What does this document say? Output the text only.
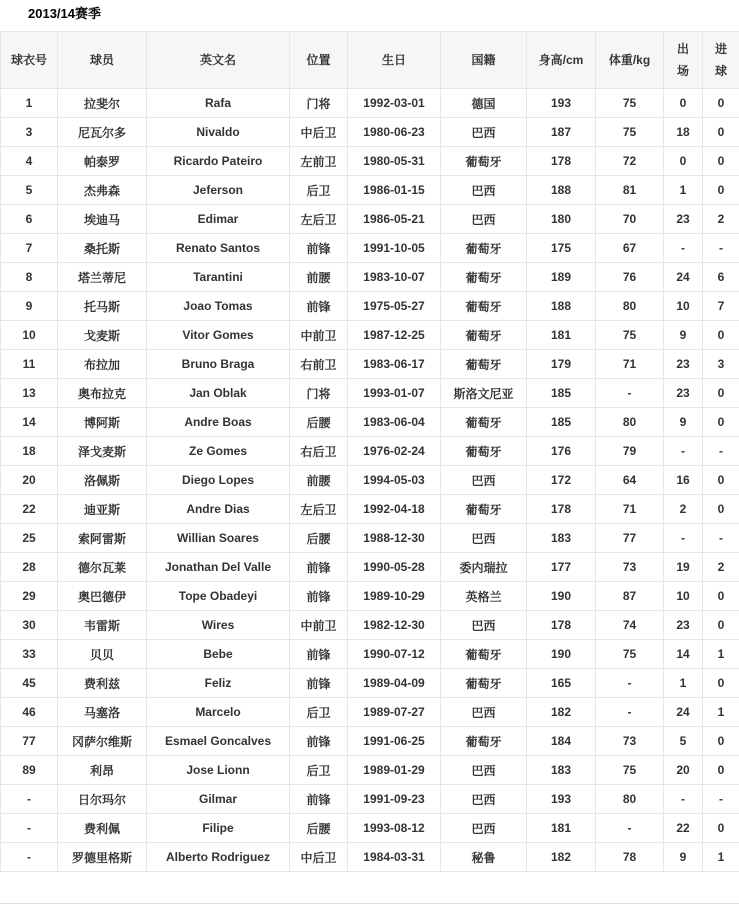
2013/14赛季
球衣号	球员	英文名	位置	生日	国籍	身高/cm	体重/kg	出场	进球
1	拉斐尔	Rafa	门将	1992-03-01	德国	193	75	0	0
3	尼瓦尔多	Nivaldo	中后卫	1980-06-23	巴西	187	75	18	0
4	帕泰罗	Ricardo Pateiro	左前卫	1980-05-31	葡萄牙	178	72	0	0
5	杰弗森	Jeferson	后卫	1986-01-15	巴西	188	81	1	0
6	埃迪马	Edimar	左后卫	1986-05-21	巴西	180	70	23	2
7	桑托斯	Renato Santos	前锋	1991-10-05	葡萄牙	175	67	-	-
8	塔兰蒂尼	Tarantini	前腰	1983-10-07	葡萄牙	189	76	24	6
9	托马斯	Joao Tomas	前锋	1975-05-27	葡萄牙	188	80	10	7
10	戈麦斯	Vitor Gomes	中前卫	1987-12-25	葡萄牙	181	75	9	0
11	布拉加	Bruno Braga	右前卫	1983-06-17	葡萄牙	179	71	23	3
13	奥布拉克	Jan Oblak	门将	1993-01-07	斯洛文尼亚	185	-	23	0
14	博阿斯	Andre Boas	后腰	1983-06-04	葡萄牙	185	80	9	0
18	泽戈麦斯	Ze Gomes	右后卫	1976-02-24	葡萄牙	176	79	-	-
20	洛佩斯	Diego Lopes	前腰	1994-05-03	巴西	172	64	16	0
22	迪亚斯	Andre Dias	左后卫	1992-04-18	葡萄牙	178	71	2	0
25	索阿雷斯	Willian Soares	后腰	1988-12-30	巴西	183	77	-	-
28	德尔瓦莱	Jonathan Del Valle	前锋	1990-05-28	委内瑞拉	177	73	19	2
29	奥巴德伊	Tope Obadeyi	前锋	1989-10-29	英格兰	190	87	10	0
30	韦雷斯	Wires	中前卫	1982-12-30	巴西	178	74	23	0
33	贝贝	Bebe	前锋	1990-07-12	葡萄牙	190	75	14	1
45	费利兹	Feliz	前锋	1989-04-09	葡萄牙	165	-	1	0
46	马塞洛	Marcelo	后卫	1989-07-27	巴西	182	-	24	1
77	冈萨尔维斯	Esmael Goncalves	前锋	1991-06-25	葡萄牙	184	73	5	0
89	利昂	Jose Lionn	后卫	1989-01-29	巴西	183	75	20	0
-	日尔玛尔	Gilmar	前锋	1991-09-23	巴西	193	80	-	-
-	费利佩	Filipe	后腰	1993-08-12	巴西	181	-	22	0
-	罗德里格斯	Alberto Rodriguez	中后卫	1984-03-31	秘鲁	182	78	9	1
